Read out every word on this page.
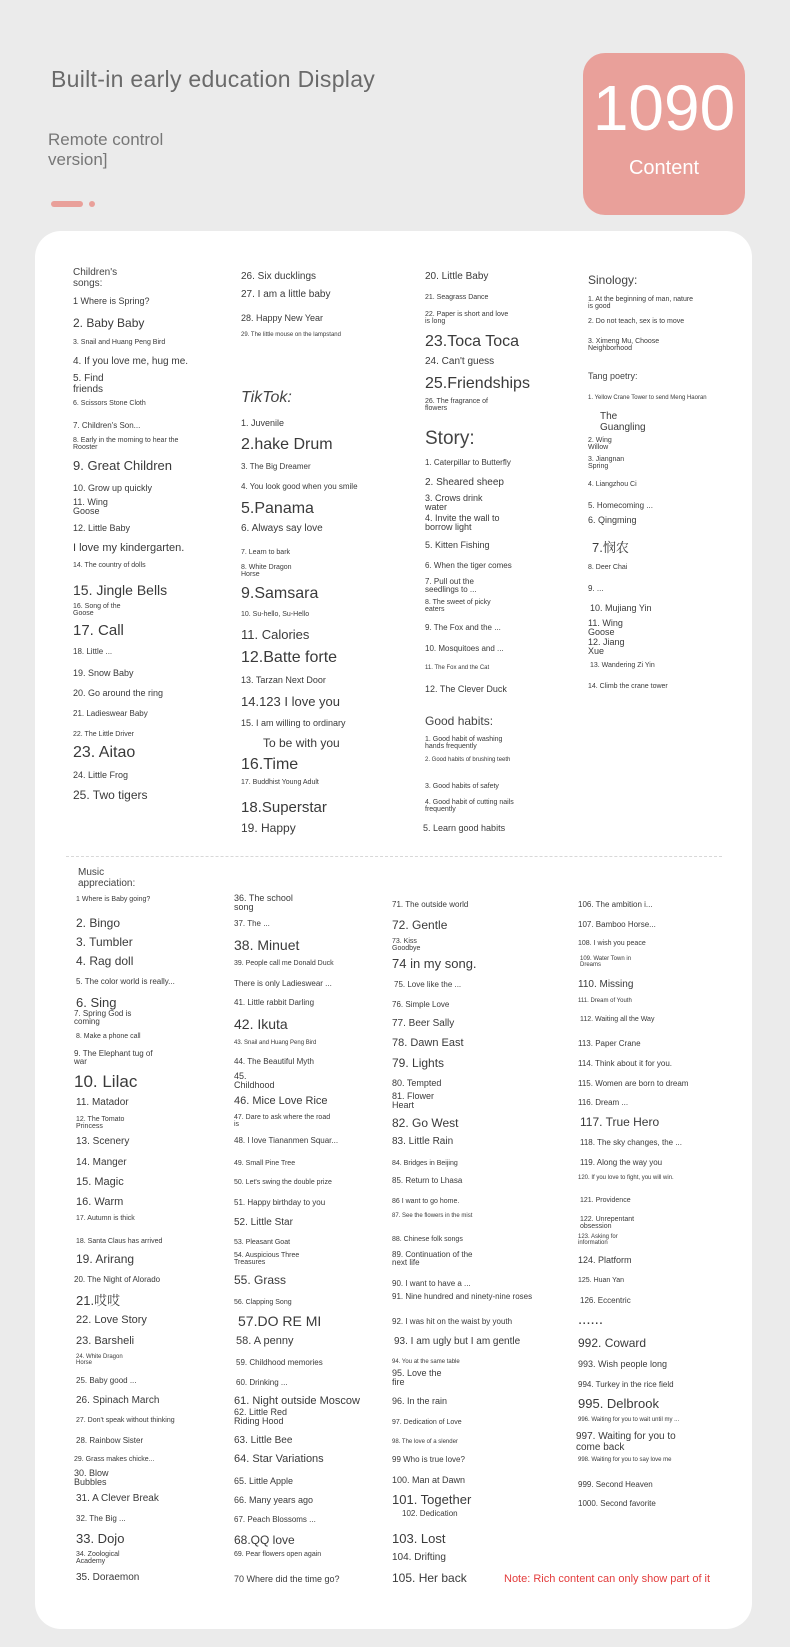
Built-in early education Display
Remote control version]
1090
Content
Children's songs:
1 Where is Spring?
2. Baby Baby
3. Snail and Huang Peng Bird
4. If you love me, hug me.
5. Find friends
6. Scissors Stone Cloth
7. Children's Son...
8. Early in the morning to hear the Rooster
9. Great Children
10. Grow up quickly
11. Wing Goose
12. Little Baby
I love my kindergarten.
14. The country of dolls
15. Jingle Bells
16. Song of the Goose
17. Call
18. Little ...
19. Snow Baby
20. Go around the ring
21. Ladieswear Baby
22. The Little Driver
23. Aitao
24. Little Frog
25. Two tigers
26. Six ducklings
27. I am a little baby
28. Happy New Year
29. The little mouse on the lampstand
TikTok:
1. Juvenile
2.hake Drum
3. The Big Dreamer
4. You look good when you smile
5.Panama
6. Always say love
7. Learn to bark
8. White Dragon Horse
9.Samsara
10. Su-hello, Su-Hello
11. Calories
12.Batte forte
13. Tarzan Next Door
14.123 I love you
15. I am willing to ordinary
To be with you
16.Time
17. Buddhist Young Adult
18.Superstar
19. Happy
20. Little Baby
21. Seagrass Dance
22. Paper is short and love is long
23.Toca Toca
24. Can't guess
25.Friendships
26. The fragrance of flowers
Story:
1. Caterpillar to Butterfly
2. Sheared sheep
3. Crows drink water
4. Invite the wall to borrow light
5. Kitten Fishing
6. When the tiger comes
7. Pull out the seedlings to ...
8. The sweet of picky eaters
9. The Fox and the ...
10. Mosquitoes and ...
11. The Fox and the Cat
12. The Clever Duck
Good habits:
1. Good habit of washing hands frequently
2. Good habits of brushing teeth
3. Good habits of safety
4. Good habit of cutting nails frequently
5. Learn good habits
Sinology:
1. At the beginning of man, nature is good
2. Do not teach, sex is to move
3. Ximeng Mu, Choose Neighborhood
Tang poetry:
1. Yellow Crane Tower to send Meng Haoran
The Guangling
2. Wing Willow
3. Jiangnan Spring
4. Liangzhou Ci
5. Homecoming ...
6. Qingming
7.悯农
8. Deer Chai
9. ...
10. Mujiang Yin
11. Wing Goose
12. Jiang Xue
13. Wandering Zi Yin
14. Climb the crane tower
Music appreciation:
1 Where is Baby going?
2. Bingo
3. Tumbler
4. Rag doll
5. The color world is really...
6. Sing
7. Spring God is coming
8. Make a phone call
9. The Elephant tug of war
10. Lilac
11. Matador
12. The Tomato Princess
13. Scenery
14. Manger
15. Magic
16. Warm
17. Autumn is thick
18. Santa Claus has arrived
19. Arirang
20. The Night of Alorado
21.哎哎
22. Love Story
23. Barsheli
24. White Dragon Horse
25. Baby good ...
26. Spinach March
27. Don't speak without thinking
28. Rainbow Sister
29. Grass makes chicke...
30. Blow Bubbles
31. A Clever Break
32. The Big ...
33. Dojo
34. Zoological Academy
35. Doraemon
36. The school song
37. The ...
38. Minuet
39. People call me Donald Duck
There is only Ladieswear ...
41. Little rabbit Darling
42. Ikuta
43. Snail and Huang Peng Bird
44. The Beautiful Myth
45. Childhood
46. Mice Love Rice
47. Dare to ask where the road is
48. I love Tiananmen Squar...
49. Small Pine Tree
50. Let's swing the double prize
51. Happy birthday to you
52. Little Star
53. Pleasant Goat
54. Auspicious Three Treasures
55. Grass
56. Clapping Song
57.DO RE MI
58. A penny
59. Childhood memories
60. Drinking ...
61. Night outside Moscow
62. Little Red Riding Hood
63. Little Bee
64. Star Variations
65. Little Apple
66. Many years ago
67. Peach Blossoms ...
68.QQ love
69. Pear flowers open again
70 Where did the time go?
71. The outside world
72. Gentle
73. Kiss Goodbye
74 in my song.
75. Love like the ...
76. Simple Love
77. Beer Sally
78. Dawn East
79. Lights
80. Tempted
81. Flower Heart
82. Go West
83. Little Rain
84. Bridges in Beijing
85. Return to Lhasa
86 I want to go home.
87. See the flowers in the mist
88. Chinese folk songs
89. Continuation of the next life
90. I want to have a ...
91. Nine hundred and ninety-nine roses
92. I was hit on the waist by youth
93. I am ugly but I am gentle
94. You at the same table
95. Love the fire
96. In the rain
97. Dedication of Love
98. The love of a slender
99 Who is true love?
100. Man at Dawn
101. Together
102. Dedication
103. Lost
104. Drifting
105. Her back
106. The ambition i...
107. Bamboo Horse...
108. I wish you peace
109. Water Town in Dreams
110. Missing
111. Dream of Youth
112. Waiting all the Way
113. Paper Crane
114. Think about it for you.
115. Women are born to dream
116. Dream ...
117. True Hero
118. The sky changes, the ...
119. Along the way you
120. If you love to fight, you will win.
121. Providence
122. Unrepentant obsession
123. Asking for information
124. Platform
125. Huan Yan
126. Eccentric
......
992. Coward
993. Wish people long
994. Turkey in the rice field
995. Delbrook
996. Waiting for you to wait until my ...
997. Waiting for you to come back
998. Waiting for you to say love me
999. Second Heaven
1000. Second favorite
Note: Rich content can only show part of it
